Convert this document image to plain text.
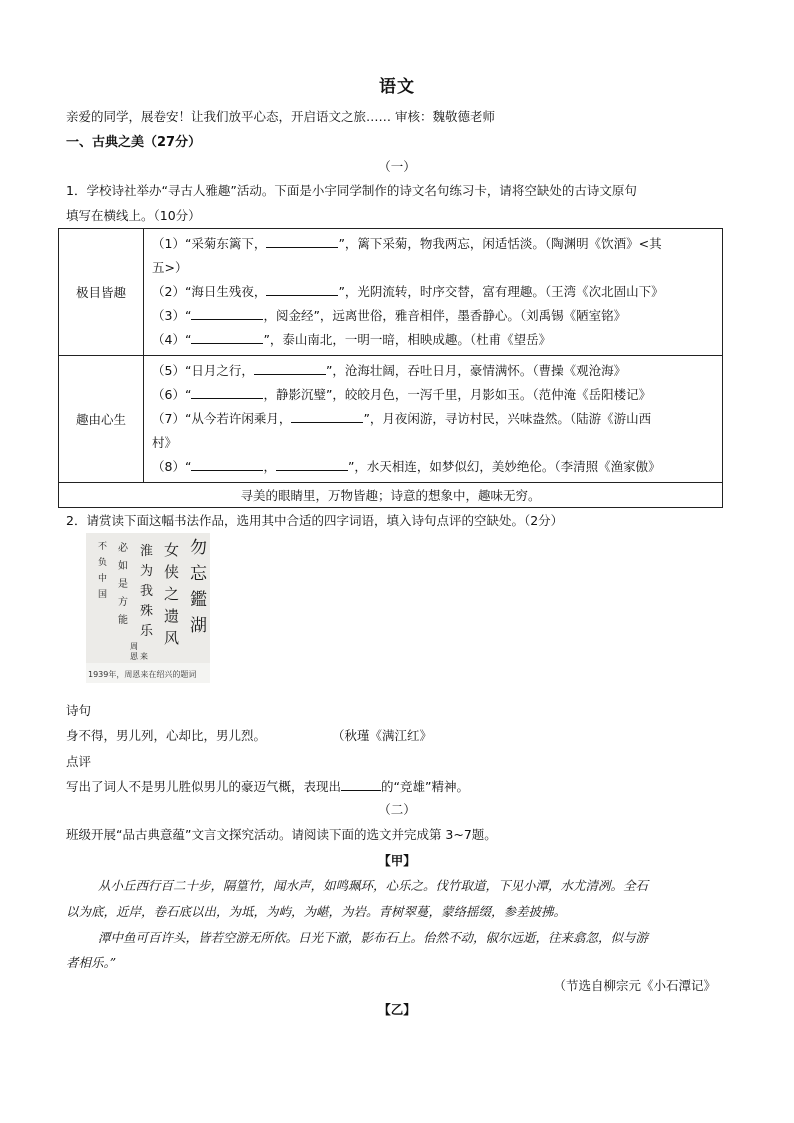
语文
亲爱的同学，展卷安！让我们放平心态，开启语文之旅…… 审核：魏敬德老师
一、古典之美（27分）
（一）
1．学校诗社举办“寻古人雅趣”活动。下面是小宇同学制作的诗文名句练习卡，请将空缺处的古诗文原句
填写在横线上。（10分）
极目皆趣	（1）“采菊东篱下， ”，篱下采菊，物我两忘，闲适恬淡。（陶渊明《饮酒》<其
五>）
（2）“海日生残夜， ”，光阴流转，时序交替，富有理趣。（王湾《次北固山下》
（3）“ ，阅金经”，远离世俗，雅音相伴，墨香静心。（刘禹锡《陋室铭》
（4）“ ”，泰山南北，一明一暗，相映成趣。（杜甫《望岳》

趣由心生	（5）“日月之行， ”，沧海壮阔，吞吐日月，豪情满怀。（曹操《观沧海》
（6）“ ，静影沉璧”，皎皎月色，一泻千里，月影如玉。（范仲淹《岳阳楼记》
（7）“从今若许闲乘月， ”，月夜闲游，寻访村民，兴味盎然。（陆游《游山西
村》
（8）“ ， ”，水天相连，如梦似幻，美妙绝伦。（李清照《渔家傲》

寻美的眼睛里，万物皆趣；诗意的想象中，趣味无穷。	
2．请赏读下面这幅书法作品，选用其中合适的四字词语，填入诗句点评的空缺处。（2分）
勿忘鑑湖
女侠之遗风
淮为我殊乐
必如是方能
不负中国
周恩 来
1939年，周恩来在绍兴的题词
诗句
身不得，男儿列，心却比，男儿烈。	（秋瑾《满江红》
点评
写出了词人不是男儿胜似男儿的豪迈气概，表现出	的“竞雄”精神。
（二）
班级开展“品古典意蕴”文言文探究活动。请阅读下面的选文并完成第 3~7题。
【甲】
从小丘西行百二十步，隔篁竹，闻水声，如鸣珮环，心乐之。伐竹取道，下见小潭，水尤清冽。全石
以为底，近岸，卷石底以出，为坻，为屿，为嵁，为岩。青树翠蔓，蒙络摇缀，参差披拂。
潭中鱼可百许头，皆若空游无所依。日光下澈，影布石上。佁然不动，俶尔远逝，往来翕忽，似与游
者相乐。”
（节选自柳宗元《小石潭记》
【乙】
